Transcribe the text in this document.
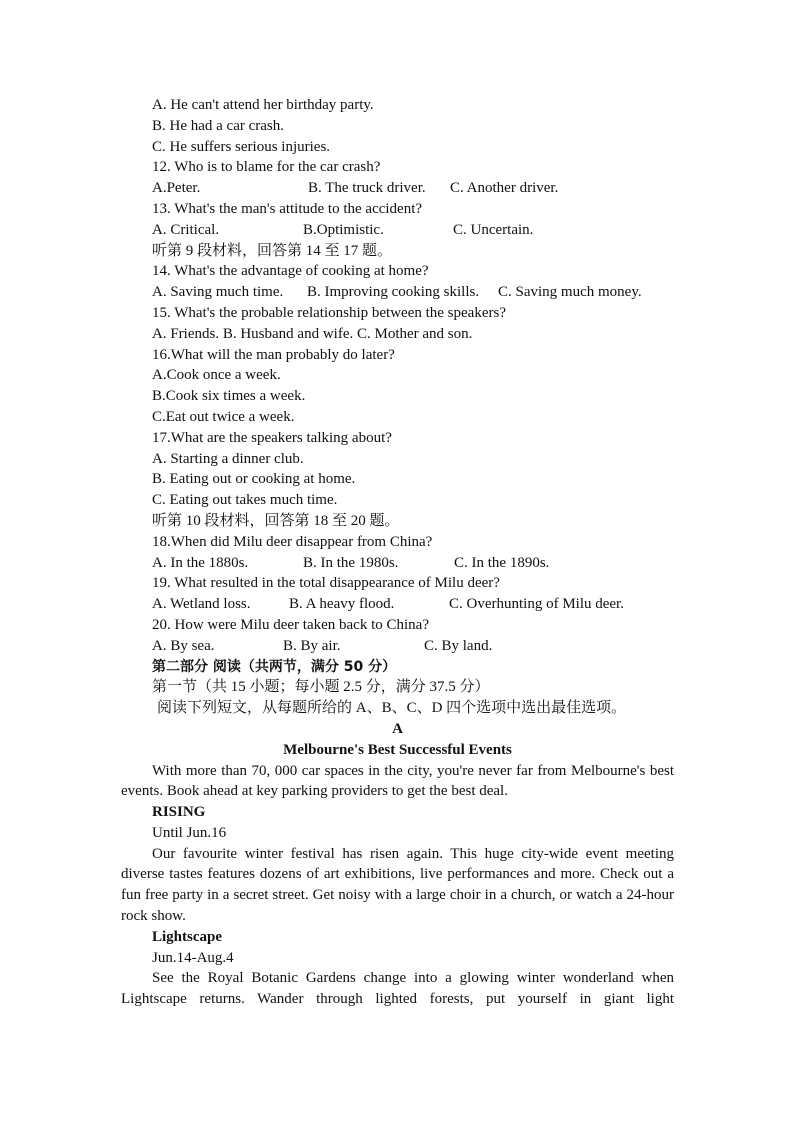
A. He can't attend her birthday party.
B. He had a car crash.
C. He suffers serious injuries.
12. Who is to blame for the car crash?
A.Peter.	B. The truck driver.	C. Another driver.
13. What's the man's attitude to the accident?
A. Critical.	B.Optimistic.	C. Uncertain.
听第 9 段材料，回答第 14 至 17 题。
14. What's the advantage of cooking at home?
A. Saving much time.	B. Improving cooking skills.	C. Saving much money.
15. What's the probable relationship between the speakers?
A. Friends. B. Husband and wife. C. Mother and son.
16.What will the man probably do later?
A.Cook once a week.
B.Cook six times a week.
C.Eat out twice a week.
17.What are the speakers talking about?
A. Starting a dinner club.
B. Eating out or cooking at home.
C. Eating out takes much time.
听第 10 段材料，回答第 18 至 20 题。
18.When did Milu deer disappear from China?
A. In the 1880s.	B. In the 1980s.	C. In the 1890s.
19. What resulted in the total disappearance of Milu deer?
A. Wetland loss.	B. A heavy flood.	C. Overhunting of Milu deer.
20. How were Milu deer taken back to China?
A. By sea.	B. By air.	C. By land.
第二部分 阅读（共两节，满分 50 分）
第一节（共 15 小题；每小题 2.5 分，满分 37.5 分）
阅读下列短文，从每题所给的 A、B、C、D 四个选项中选出最佳选项。
A
Melbourne's Best Successful Events
With more than 70, 000 car spaces in the city, you're never far from Melbourne's best events. Book ahead at key parking providers to get the best deal.
RISING
Until Jun.16
Our favourite winter festival has risen again. This huge city-wide event meeting diverse tastes features dozens of art exhibitions, live performances and more. Check out a fun free party in a secret street. Get noisy with a large choir in a church, or watch a 24-hour rock show.
Lightscape
Jun.14-Aug.4
See the Royal Botanic Gardens change into a glowing winter wonderland when Lightscape returns. Wander through lighted forests, put yourself in giant light
